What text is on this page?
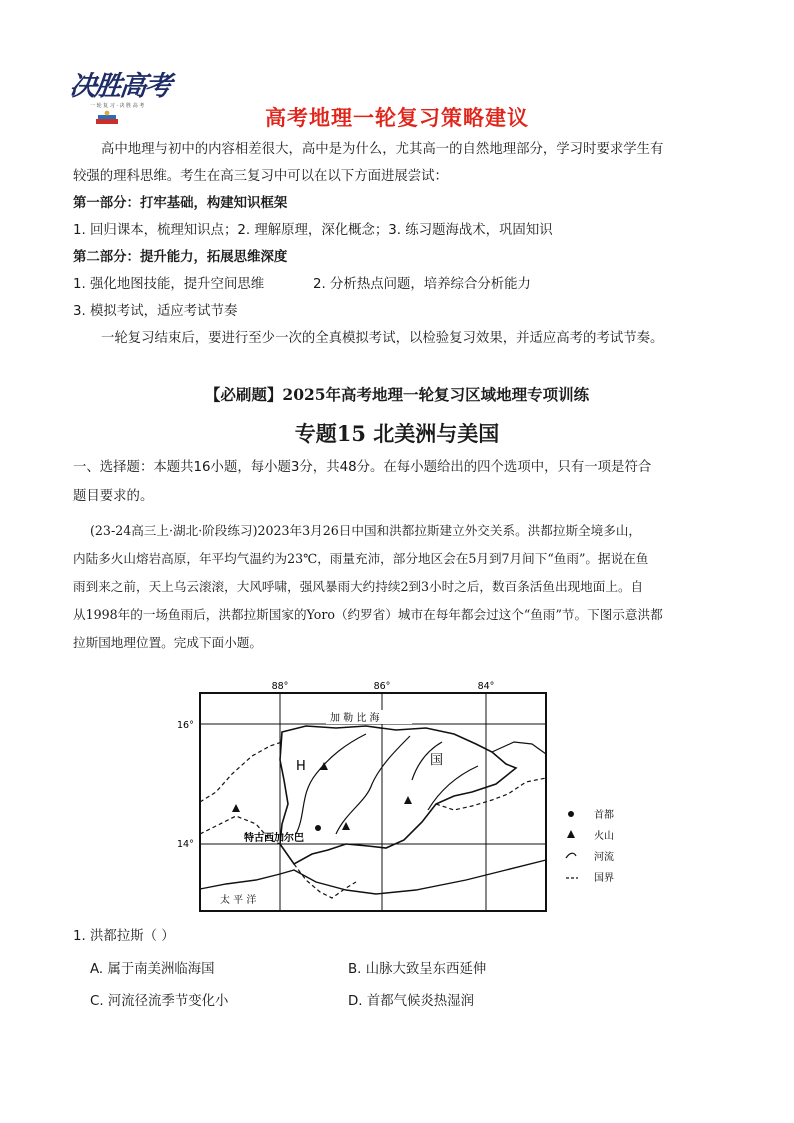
决胜高考
一 轮 复 习 · 决 胜 高 考	高考地理一轮复习策略建议
高中地理与初中的内容相差很大，高中是为什么，尤其高一的自然地理部分，学习时要求学生有
较强的理科思维。考生在高三复习中可以在以下方面进展尝试：
第一部分：打牢基础，构建知识框架
1. 回归课本，梳理知识点；2. 理解原理，深化概念；3. 练习题海战术，巩固知识
第二部分：提升能力，拓展思维深度
1. 强化地图技能，提升空间思维	2. 分析热点问题，培养综合分析能力
3. 模拟考试，适应考试节奏
一轮复习结束后，要进行至少一次的全真模拟考试，以检验复习效果，并适应高考的考试节奏。
【必刷题】2025年高考地理一轮复习区域地理专项训练
专题15 北美洲与美国
一、选择题：本题共16小题，每小题3分，共48分。在每小题给出的四个选项中，只有一项是符合
题目要求的。
(23-24高三上·湖北·阶段练习)2023年3月26日中国和洪都拉斯建立外交关系。洪都拉斯全境多山，
内陆多火山熔岩高原，年平均气温约为23℃，雨量充沛，部分地区会在5月到7月间下“鱼雨”。据说在鱼
雨到来之前，天上乌云滚滚，大风呼啸，强风暴雨大约持续2到3小时之后，数百条活鱼出现地面上。自
从1998年的一场鱼雨后，洪都拉斯国家的Yoro（约罗省）城市在每年都会过这个“鱼雨”节。下图示意洪都
拉斯国地理位置。完成下面小题。
88°	86°	84°
16°
14°
加 勒 比 海
太 平 洋
H	国
特古西加尔巴
首都
火山
河流
国界
1. 洪都拉斯（ ）
A. 属于南美洲临海国	B. 山脉大致呈东西延伸
C. 河流径流季节变化小	D. 首都气候炎热湿润
